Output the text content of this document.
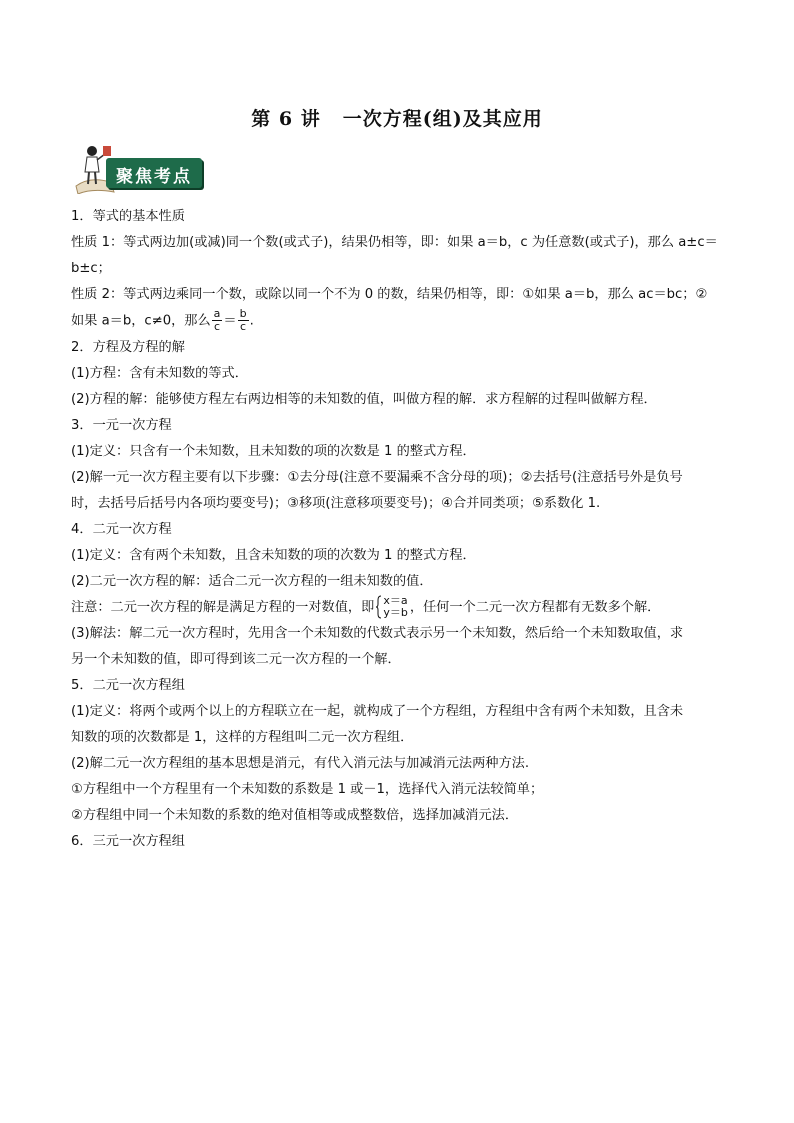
第 6 讲 一次方程(组)及其应用
聚焦考点

1．等式的基本性质

性质 1：等式两边加(或减)同一个数(或式子)，结果仍相等，即：如果 a＝b，c 为任意数(或式子)，那么 a±c＝

b±c；

性质 2：等式两边乘同一个数，或除以同一个不为 0 的数，结果仍相等，即：①如果 a＝b，那么 ac＝bc；②

如果 a＝b，c≠0，那么 $\frac{a}{c} = \frac{b}{c}$ .

2．方程及方程的解

(1)方程：含有未知数的等式．

(2)方程的解：能够使方程左右两边相等的未知数的值，叫做方程的解．求方程解的过程叫做解方程．

3．一元一次方程

(1)定义：只含有一个未知数，且未知数的项的次数是 1 的整式方程．

(2)解一元一次方程主要有以下步骤：①去分母(注意不要漏乘不含分母的项)；②去括号(注意括号外是负号

时，去括号后括号内各项均要变号)；③移项(注意移项要变号)；④合并同类项；⑤系数化 1.

4．二元一次方程

(1)定义：含有两个未知数，且含未知数的项的次数为 1 的整式方程．

(2)二元一次方程的解：适合二元一次方程的一组未知数的值．

注意：二元一次方程的解是满足方程的一对数值，即 x＝a
y＝b ，任何一个二元一次方程都有无数多个解．

(3)解法：解二元一次方程时，先用含一个未知数的代数式表示另一个未知数，然后给一个未知数取值，求

另一个未知数的值，即可得到该二元一次方程的一个解．

5．二元一次方程组

(1)定义：将两个或两个以上的方程联立在一起，就构成了一个方程组，方程组中含有两个未知数，且含未

知数的项的次数都是 1，这样的方程组叫二元一次方程组．

(2)解二元一次方程组的基本思想是消元，有代入消元法与加减消元法两种方法.

①方程组中一个方程里有一个未知数的系数是 1 或－1，选择代入消元法较简单；

②方程组中同一个未知数的系数的绝对值相等或成整数倍，选择加减消元法．

6．三元一次方程组
